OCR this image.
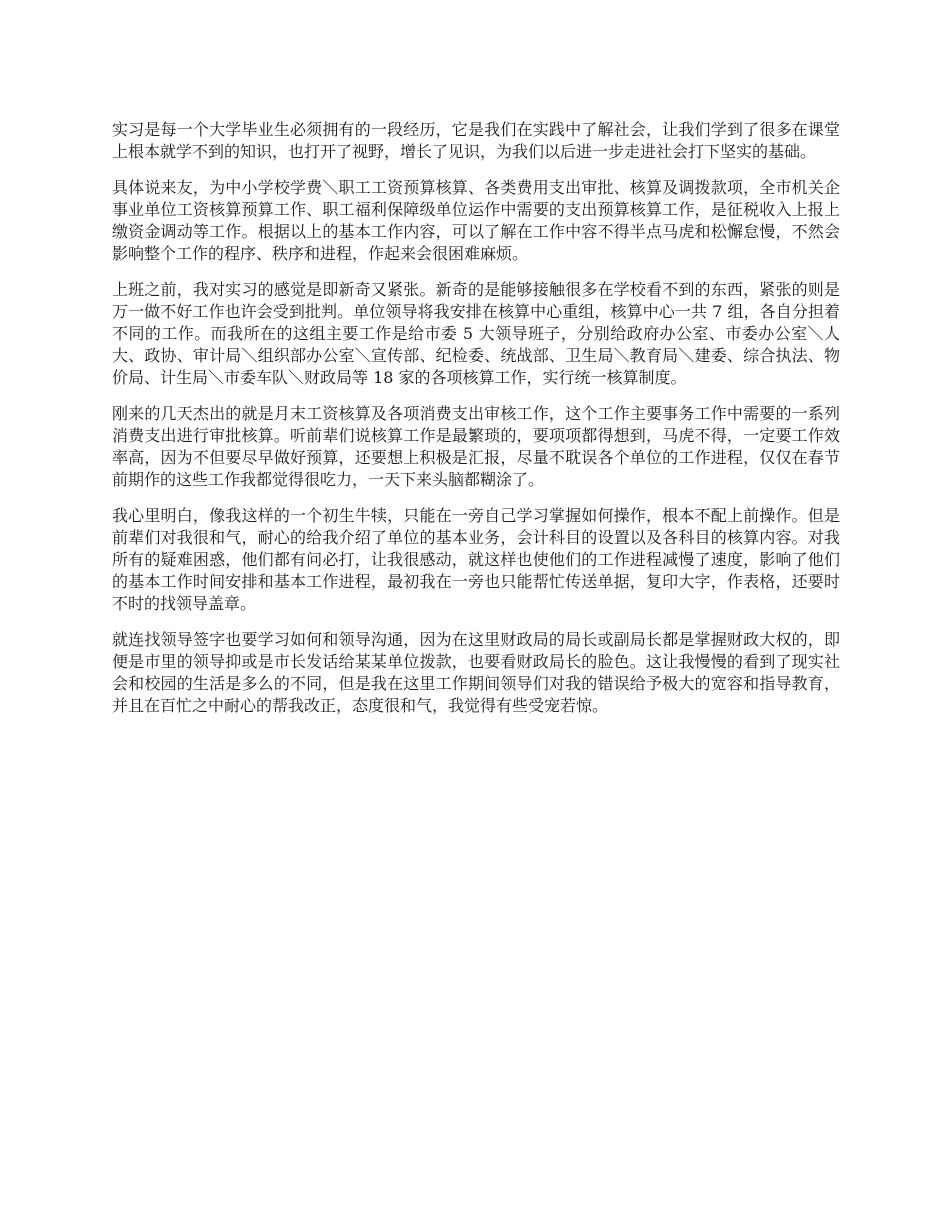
实习是每一个大学毕业生必须拥有的一段经历，它是我们在实践中了解社会，让我们学到了很多在课堂上根本就学不到的知识，也打开了视野，增长了见识，为我们以后进一步走进社会打下坚实的基础。

具体说来友，为中小学校学费＼职工工资预算核算、各类费用支出审批、核算及调拨款项，全市机关企事业单位工资核算预算工作、职工福利保障级单位运作中需要的支出预算核算工作，是征税收入上报上缴资金调动等工作。根据以上的基本工作内容，可以了解在工作中容不得半点马虎和松懈怠慢，不然会影响整个工作的程序、秩序和进程，作起来会很困难麻烦。

上班之前，我对实习的感觉是即新奇又紧张。新奇的是能够接触很多在学校看不到的东西，紧张的则是万一做不好工作也许会受到批判。单位领导将我安排在核算中心重组，核算中心一共 7 组，各自分担着不同的工作。而我所在的这组主要工作是给市委 5 大领导班子，分别给政府办公室、市委办公室＼人大、政协、审计局＼组织部办公室＼宣传部、纪检委、统战部、卫生局＼教育局＼建委、综合执法、物价局、计生局＼市委车队＼财政局等 18 家的各项核算工作，实行统一核算制度。

刚来的几天杰出的就是月末工资核算及各项消费支出审核工作，这个工作主要事务工作中需要的一系列消费支出进行审批核算。听前辈们说核算工作是最繁琐的，要项项都得想到，马虎不得，一定要工作效率高，因为不但要尽早做好预算，还要想上积极是汇报，尽量不耽误各个单位的工作进程，仅仅在春节前期作的这些工作我都觉得很吃力，一天下来头脑都糊涂了。

我心里明白，像我这样的一个初生牛犊，只能在一旁自己学习掌握如何操作，根本不配上前操作。但是前辈们对我很和气，耐心的给我介绍了单位的基本业务，会计科目的设置以及各科目的核算内容。对我所有的疑难困惑，他们都有问必打，让我很感动，就这样也使他们的工作进程减慢了速度，影响了他们的基本工作时间安排和基本工作进程，最初我在一旁也只能帮忙传送单据，复印大字，作表格，还要时不时的找领导盖章。

就连找领导签字也要学习如何和领导沟通，因为在这里财政局的局长或副局长都是掌握财政大权的，即便是市里的领导抑或是市长发话给某某单位拨款，也要看财政局长的脸色。这让我慢慢的看到了现实社会和校园的生活是多么的不同，但是我在这里工作期间领导们对我的错误给予极大的宽容和指导教育，并且在百忙之中耐心的帮我改正，态度很和气，我觉得有些受宠若惊。
